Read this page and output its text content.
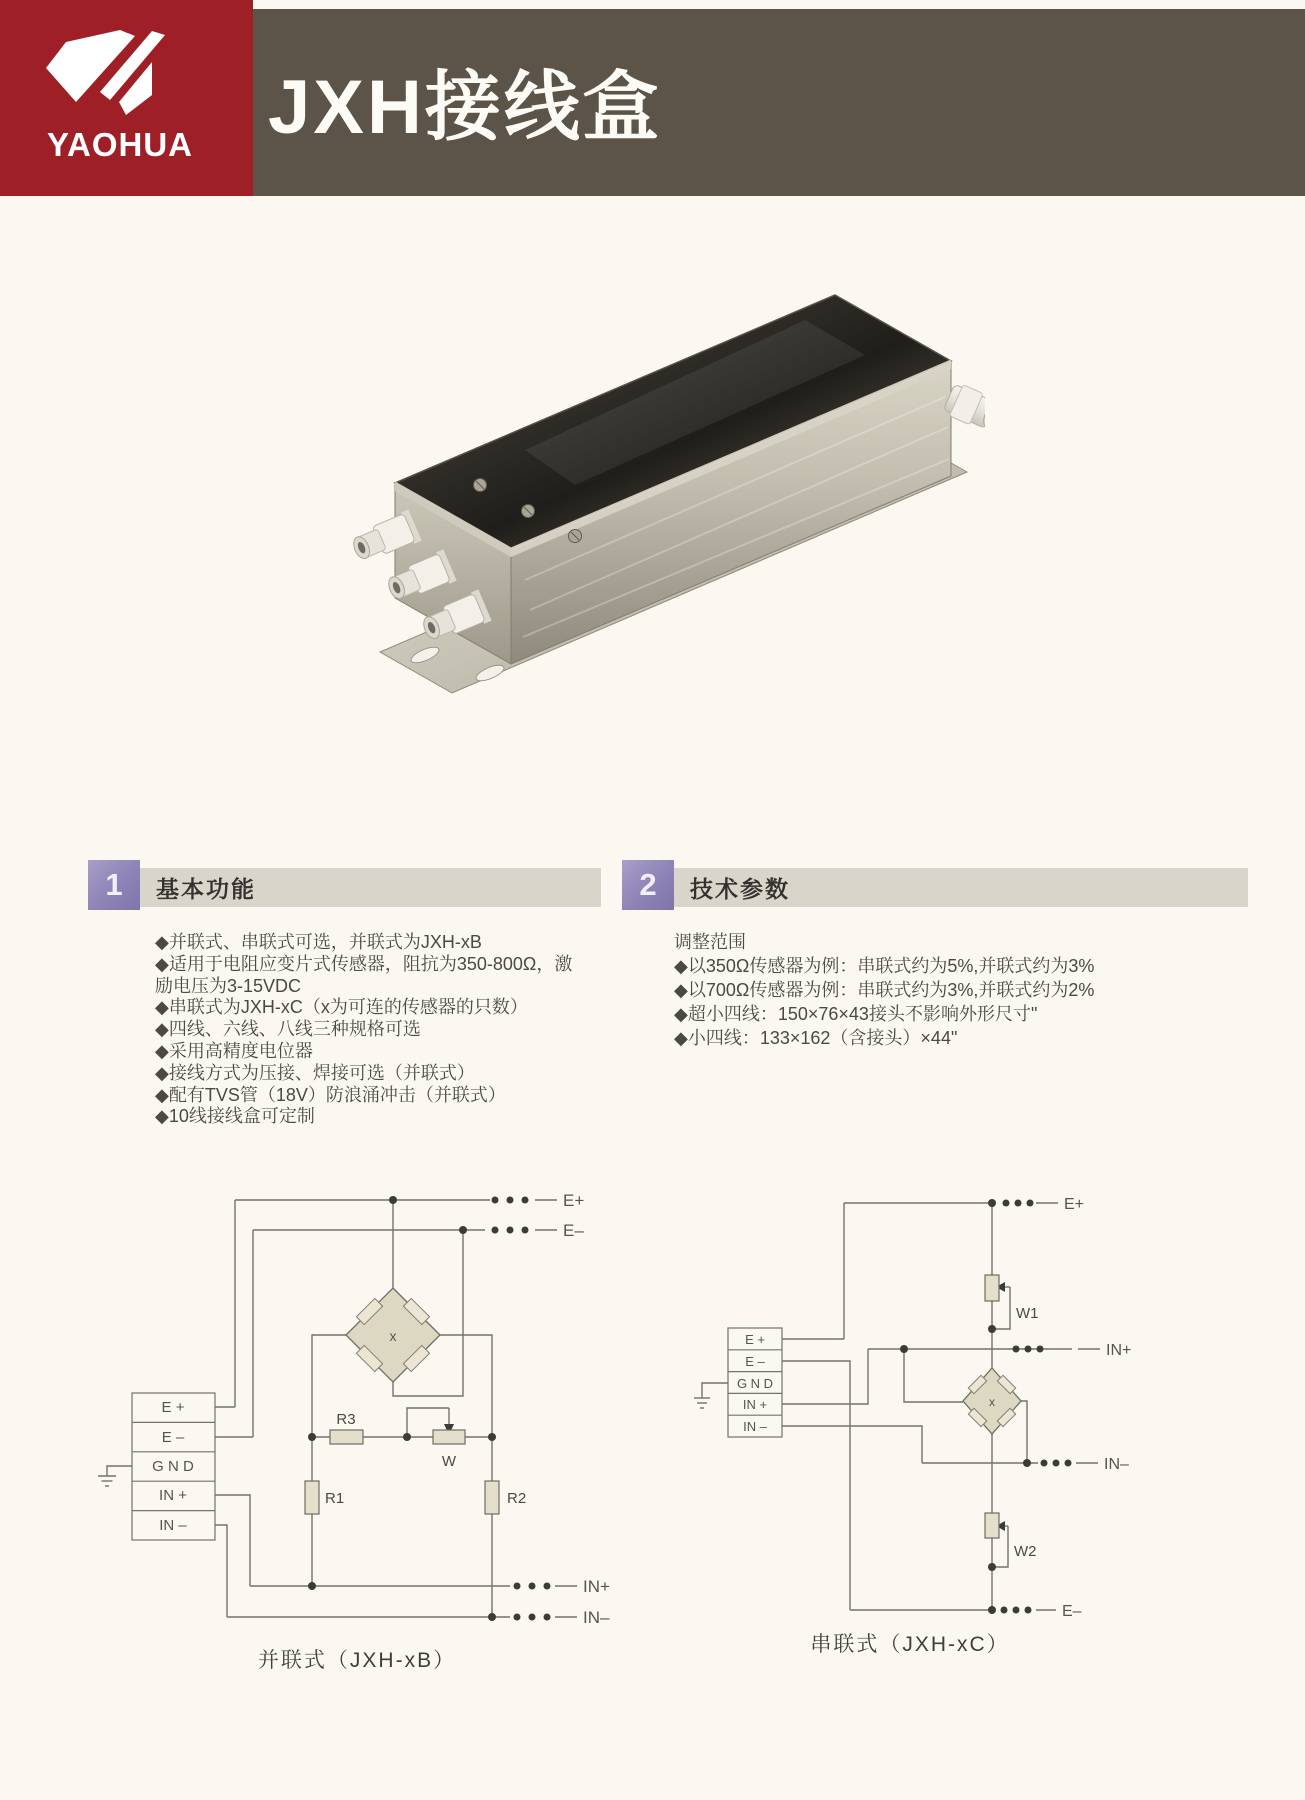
YAOHUA JXH接线盒
1	基本功能	2	技术参数
◆并联式、串联式可选，并联式为JXH-xB
◆适用于电阻应变片式传感器，阻抗为350-800Ω，激励电压为3-15VDC
◆串联式为JXH-xC（x为可连的传感器的只数）
◆四线、六线、八线三种规格可选
◆采用高精度电位器
◆接线方式为压接、焊接可选（并联式）
◆配有TVS管（18V）防浪涌冲击（并联式）
◆10线接线盒可定制
调整范围
◆以350Ω传感器为例：串联式约为5%,并联式约为3%
◆以700Ω传感器为例：串联式约为3%,并联式约为2%
◆超小四线：150×76×43接头不影响外形尺寸"
◆小四线：133×162（含接头）×44"
x
E +
E –
G N D
IN +
IN –
E+
E–
IN+
IN–
R3
W
R1	R2
并联式（JXH-xB）
x
E +
E –
G N D
IN +
IN –
E+
IN+
IN–
E–
W1
W2
串联式（JXH-xC）
